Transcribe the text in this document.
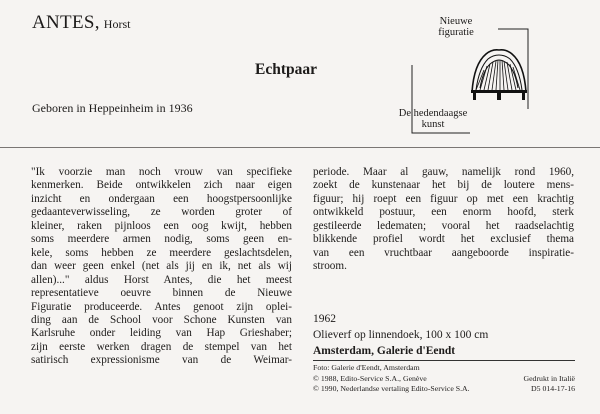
ANTES, Horst
Echtpaar
Geboren in Heppeinheim in 1936
Nieuwe
figuratie
De hedendaagse
kunst
"Ik voorzie man noch vrouw van specifieke
kenmerken. Beide ontwikkelen zich naar eigen
inzicht en ondergaan een hoogstpersoonlijke
gedaanteverwisseling, ze worden groter of
kleiner, raken pijnloos een oog kwijt, hebben
soms meerdere armen nodig, soms geen en-
kele, soms hebben ze meerdere geslachtsdelen,
dan weer geen enkel (net als jij en ik, net als wij
allen)..." aldus Horst Antes, die het meest
representatieve oeuvre binnen de Nieuwe
Figuratie produceerde. Antes genoot zijn oplei-
ding aan de School voor Schone Kunsten van
Karlsruhe onder leiding van Hap Grieshaber;
zijn eerste werken dragen de stempel van het
satirisch expressionisme van de Weimar-
periode. Maar al gauw, namelijk rond 1960,
zoekt de kunstenaar het bij de loutere mens-
figuur; hij roept een figuur op met een krachtig
ontwikkeld postuur, een enorm hoofd, sterk
gestileerde ledematen; vooral het raadselachtig
blikkende profiel wordt het exclusief thema
van een vruchtbaar aangeboorde inspiratie-
stroom.
1962
Olieverf op linnendoek, 100 x 100 cm
Amsterdam, Galerie d'Eendt
Foto: Galerie d'Eendt, Amsterdam
© 1988, Edito-Service S.A., Genève	Gedrukt in Italië
© 1990, Nederlandse vertaling Edito-Service S.A.	D5 014-17-16
